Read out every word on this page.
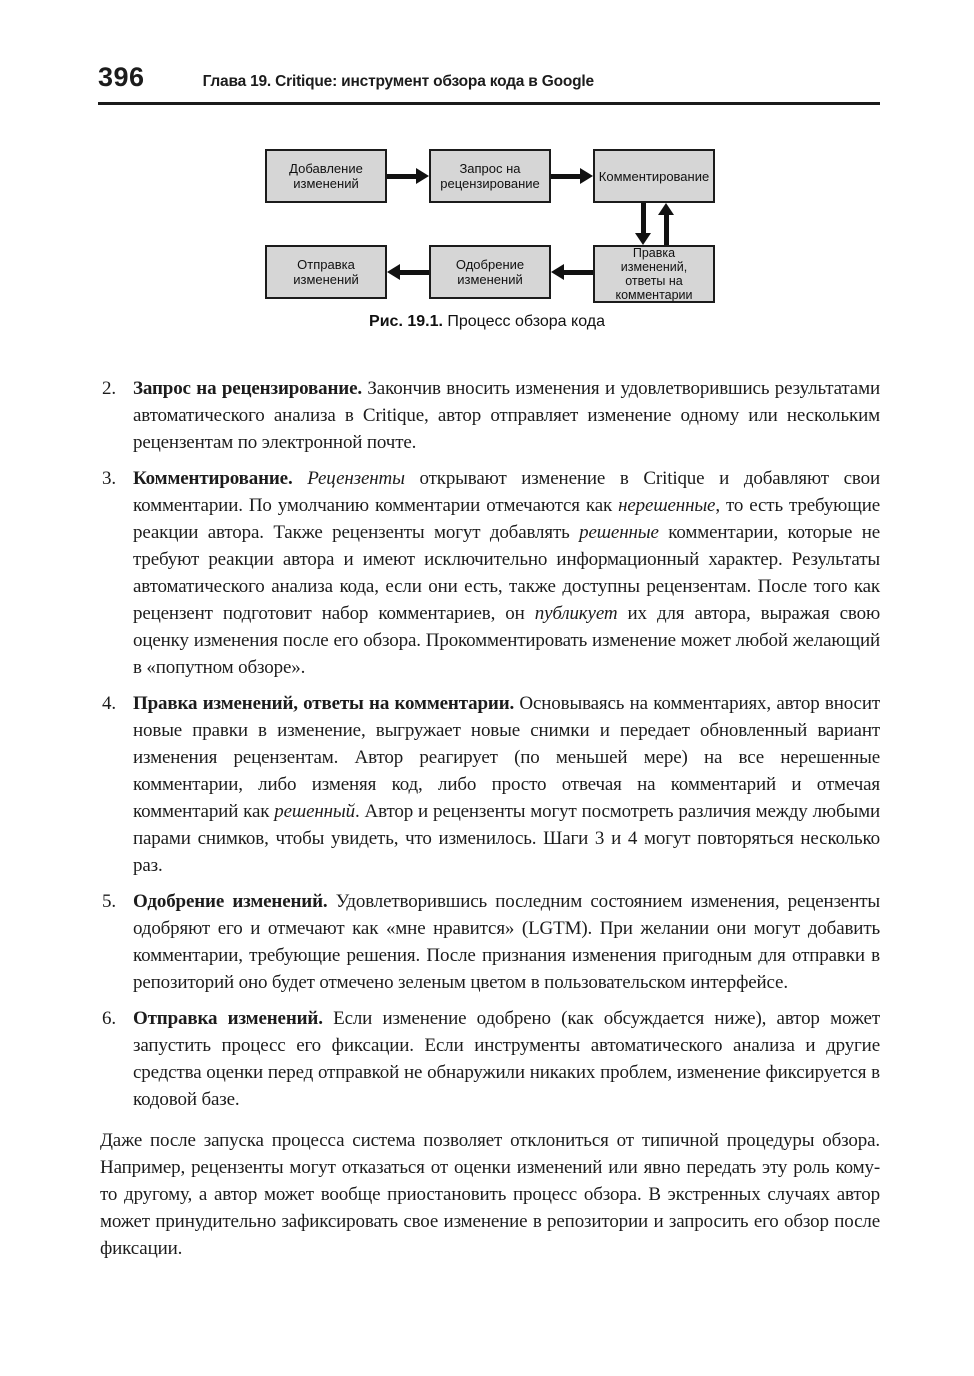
396	Глава 19. Critique: инструмент обзора кода в Google
Добавление изменений
Запрос на рецензирование	Комментирование
Отправка изменений
Одобрение изменений
Правка изменений, ответы на комментарии
Рис. 19.1. Процесс обзора кода
2. Запрос на рецензирование. Закончив вносить изменения и удовлетворившись результатами автоматического анализа в Critique, автор отправляет изменение одному или нескольким рецензентам по электронной почте.
3. Комментирование. Рецензенты открывают изменение в Critique и добавляют свои комментарии. По умолчанию комментарии отмечаются как нерешенные, то есть требующие реакции автора. Также рецензенты могут добавлять решенные комментарии, которые не требуют реакции автора и имеют исключительно информационный характер. Результаты автоматического анализа кода, если они есть, также доступны рецензентам. После того как рецензент подготовит набор комментариев, он публикует их для автора, выражая свою оценку изменения после его обзора. Прокомментировать изменение может любой желающий в «попутном обзоре».
4. Правка изменений, ответы на комментарии. Основываясь на комментариях, автор вносит новые правки в изменение, выгружает новые снимки и передает обновленный вариант изменения рецензентам. Автор реагирует (по меньшей мере) на все нерешенные комментарии, либо изменяя код, либо просто отвечая на комментарий и отмечая комментарий как решенный. Автор и рецензенты могут посмотреть различия между любыми парами снимков, чтобы увидеть, что изменилось. Шаги 3 и 4 могут повторяться несколько раз.
5. Одобрение изменений. Удовлетворившись последним состоянием изменения, рецензенты одобряют его и отмечают как «мне нравится» (LGTM). При желании они могут добавить комментарии, требующие решения. После признания изменения пригодным для отправки в репозиторий оно будет отмечено зеленым цветом в пользовательском интерфейсе.
6. Отправка изменений. Если изменение одобрено (как обсуждается ниже), автор может запустить процесс его фиксации. Если инструменты автоматического анализа и другие средства оценки перед отправкой не обнаружили никаких проблем, изменение фиксируется в кодовой базе.

Даже после запуска процесса система позволяет отклониться от типичной процедуры обзора. Например, рецензенты могут отказаться от оценки изменений или явно передать эту роль кому-то другому, а автор может вообще приостановить процесс обзора. В экстренных случаях автор может принудительно зафиксировать свое изменение в репозитории и запросить его обзор после фиксации.
